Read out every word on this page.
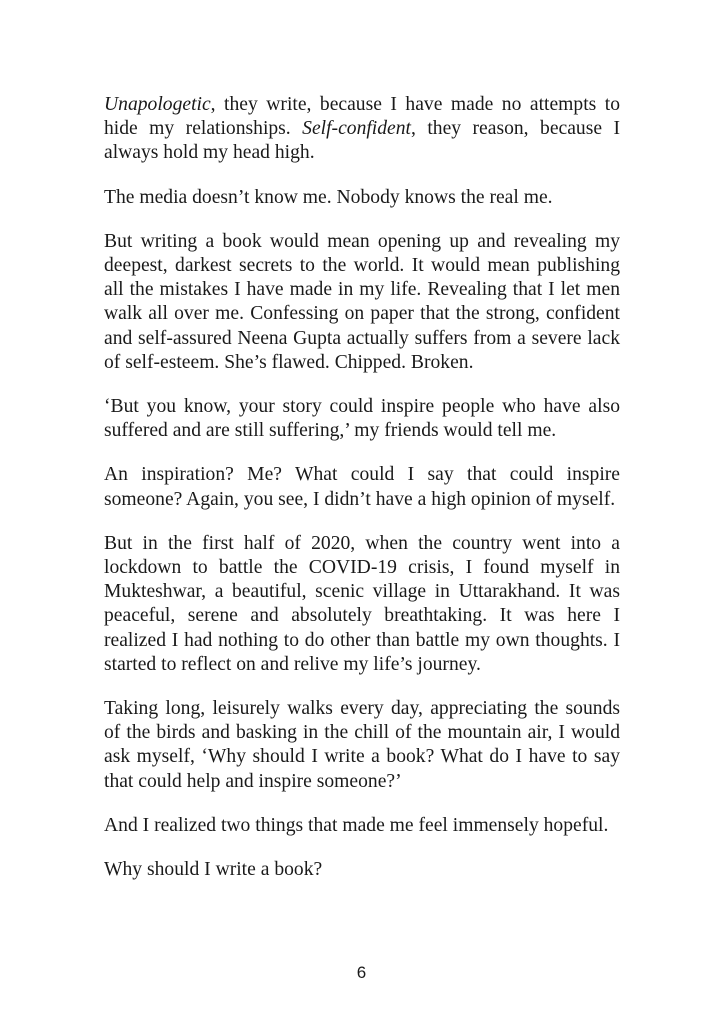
Unapologetic, they write, because I have made no attempts to hide my relationships. Self-confident, they reason, because I always hold my head high.

The media doesn’t know me. Nobody knows the real me.

But writing a book would mean opening up and revealing my deepest, darkest secrets to the world. It would mean publishing all the mistakes I have made in my life. Revealing that I let men walk all over me. Confessing on paper that the strong, confident and self-assured Neena Gupta actually suffers from a severe lack of self-esteem. She’s flawed. Chipped. Broken.

‘But you know, your story could inspire people who have also suffered and are still suffering,’ my friends would tell me.

An inspiration? Me? What could I say that could inspire someone? Again, you see, I didn’t have a high opinion of myself.

But in the first half of 2020, when the country went into a lockdown to battle the COVID-19 crisis, I found myself in Mukteshwar, a beautiful, scenic village in Uttarakhand. It was peaceful, serene and absolutely breathtaking. It was here I realized I had nothing to do other than battle my own thoughts. I started to reflect on and relive my life’s journey.

Taking long, leisurely walks every day, appreciating the sounds of the birds and basking in the chill of the mountain air, I would ask myself, ‘Why should I write a book? What do I have to say that could help and inspire someone?’

And I realized two things that made me feel immensely hopeful.

Why should I write a book?

6
